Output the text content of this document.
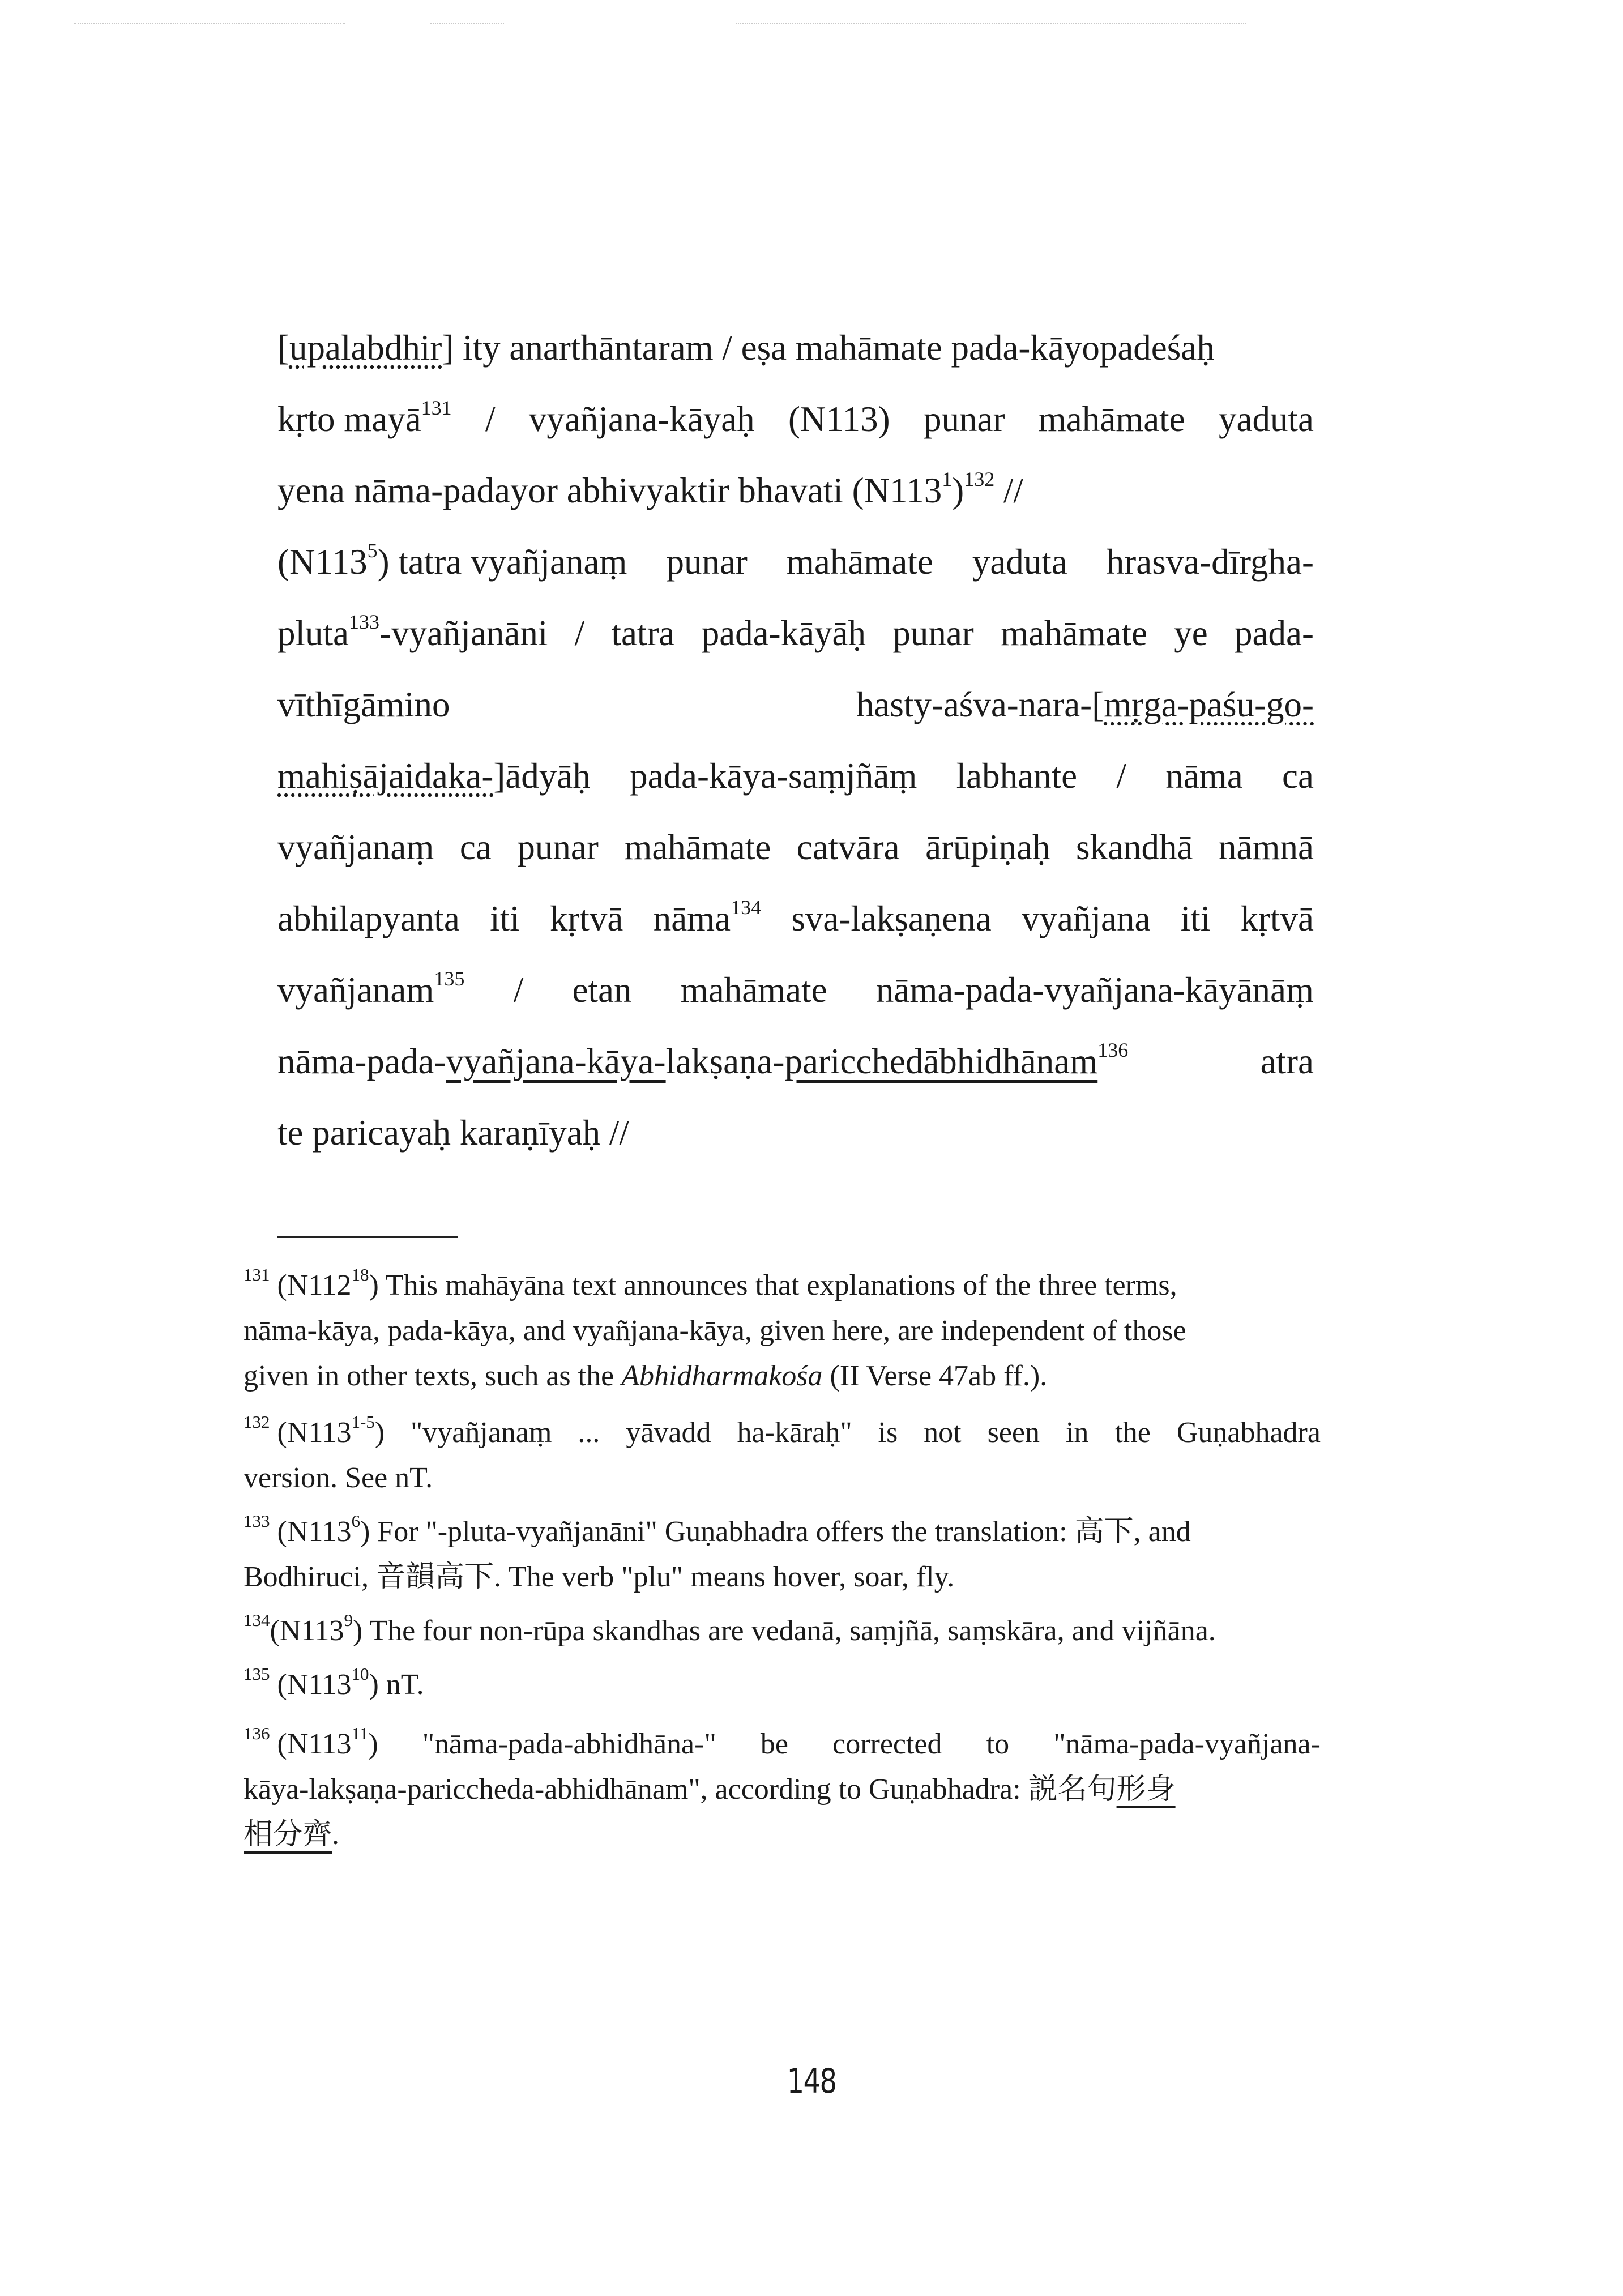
[upalabdhir] ity anarthāntaram / eṣa mahāmate pada-kāyopadeśaḥ
kṛto mayā$^{131}$ / vyañjana-kāyaḥ (N113) punar mahāmate yaduta
yena nāma-padayor abhivyaktir bhavati $(N113^1)^{132}$ //
$(N113^5)$ tatra vyañjanaṃ punar mahāmate yaduta hrasva-dīrgha-
pluta$^{133}$-vyañjanāni / tatra pada-kāyāḥ punar mahāmate ye pada-
vīthīgāmino	hasty-aśva-nara-[mṛga-paśu-go-
mahiṣājaidaka-]ādyāḥ pada-kāya-saṃjñāṃ labhante / nāma ca
vyañjanaṃ ca punar mahāmate catvāra ārūpiṇaḥ skandhā nāmnā
abhilapyanta iti kṛtvā nāma$^{134}$ sva-lakṣaṇena vyañjana iti kṛtvā
vyañjanam$^{135}$ / etan mahāmate nāma-pada-vyañjana-kāyānāṃ
nāma-pada-vyañjana-kāya-lakṣaṇa-paricchedābhidhānam$^{136}$	atra
te paricayaḥ karaṇīyaḥ //
$^{131}$ $(N112^{18})$ This mahāyāna text announces that explanations of the three terms,
nāma-kāya, pada-kāya, and vyañjana-kāya, given here, are independent of those
given in other texts, such as the Abhidharmakośa (II Verse 47ab ff.).
$^{132}$ (N113$^{1-5}$) "vyañjanaṃ ... yāvadd ha-kāraḥ" is not seen in the Guṇabhadra
version. See nT.
$^{133}$ $(N113^6)$ For "-pluta-vyañjanāni" Guṇabhadra offers the translation: 高下, and
Bodhiruci, 音韻高下. The verb "plu" means hover, soar, fly.
$^{134}(N113^9)$ The four non-rūpa skandhas are vedanā, saṃjñā, saṃskāra, and vijñāna.
$^{135}$ $(N113^{10})$ nT.
$^{136}$ $(N113^{11})$ "nāma-pada-abhidhāna-" be corrected to "nāma-pada-vyañjana-
kāya-lakṣaṇa-pariccheda-abhidhānam", according to Guṇabhadra: 説名句形身
相分齊.
148
